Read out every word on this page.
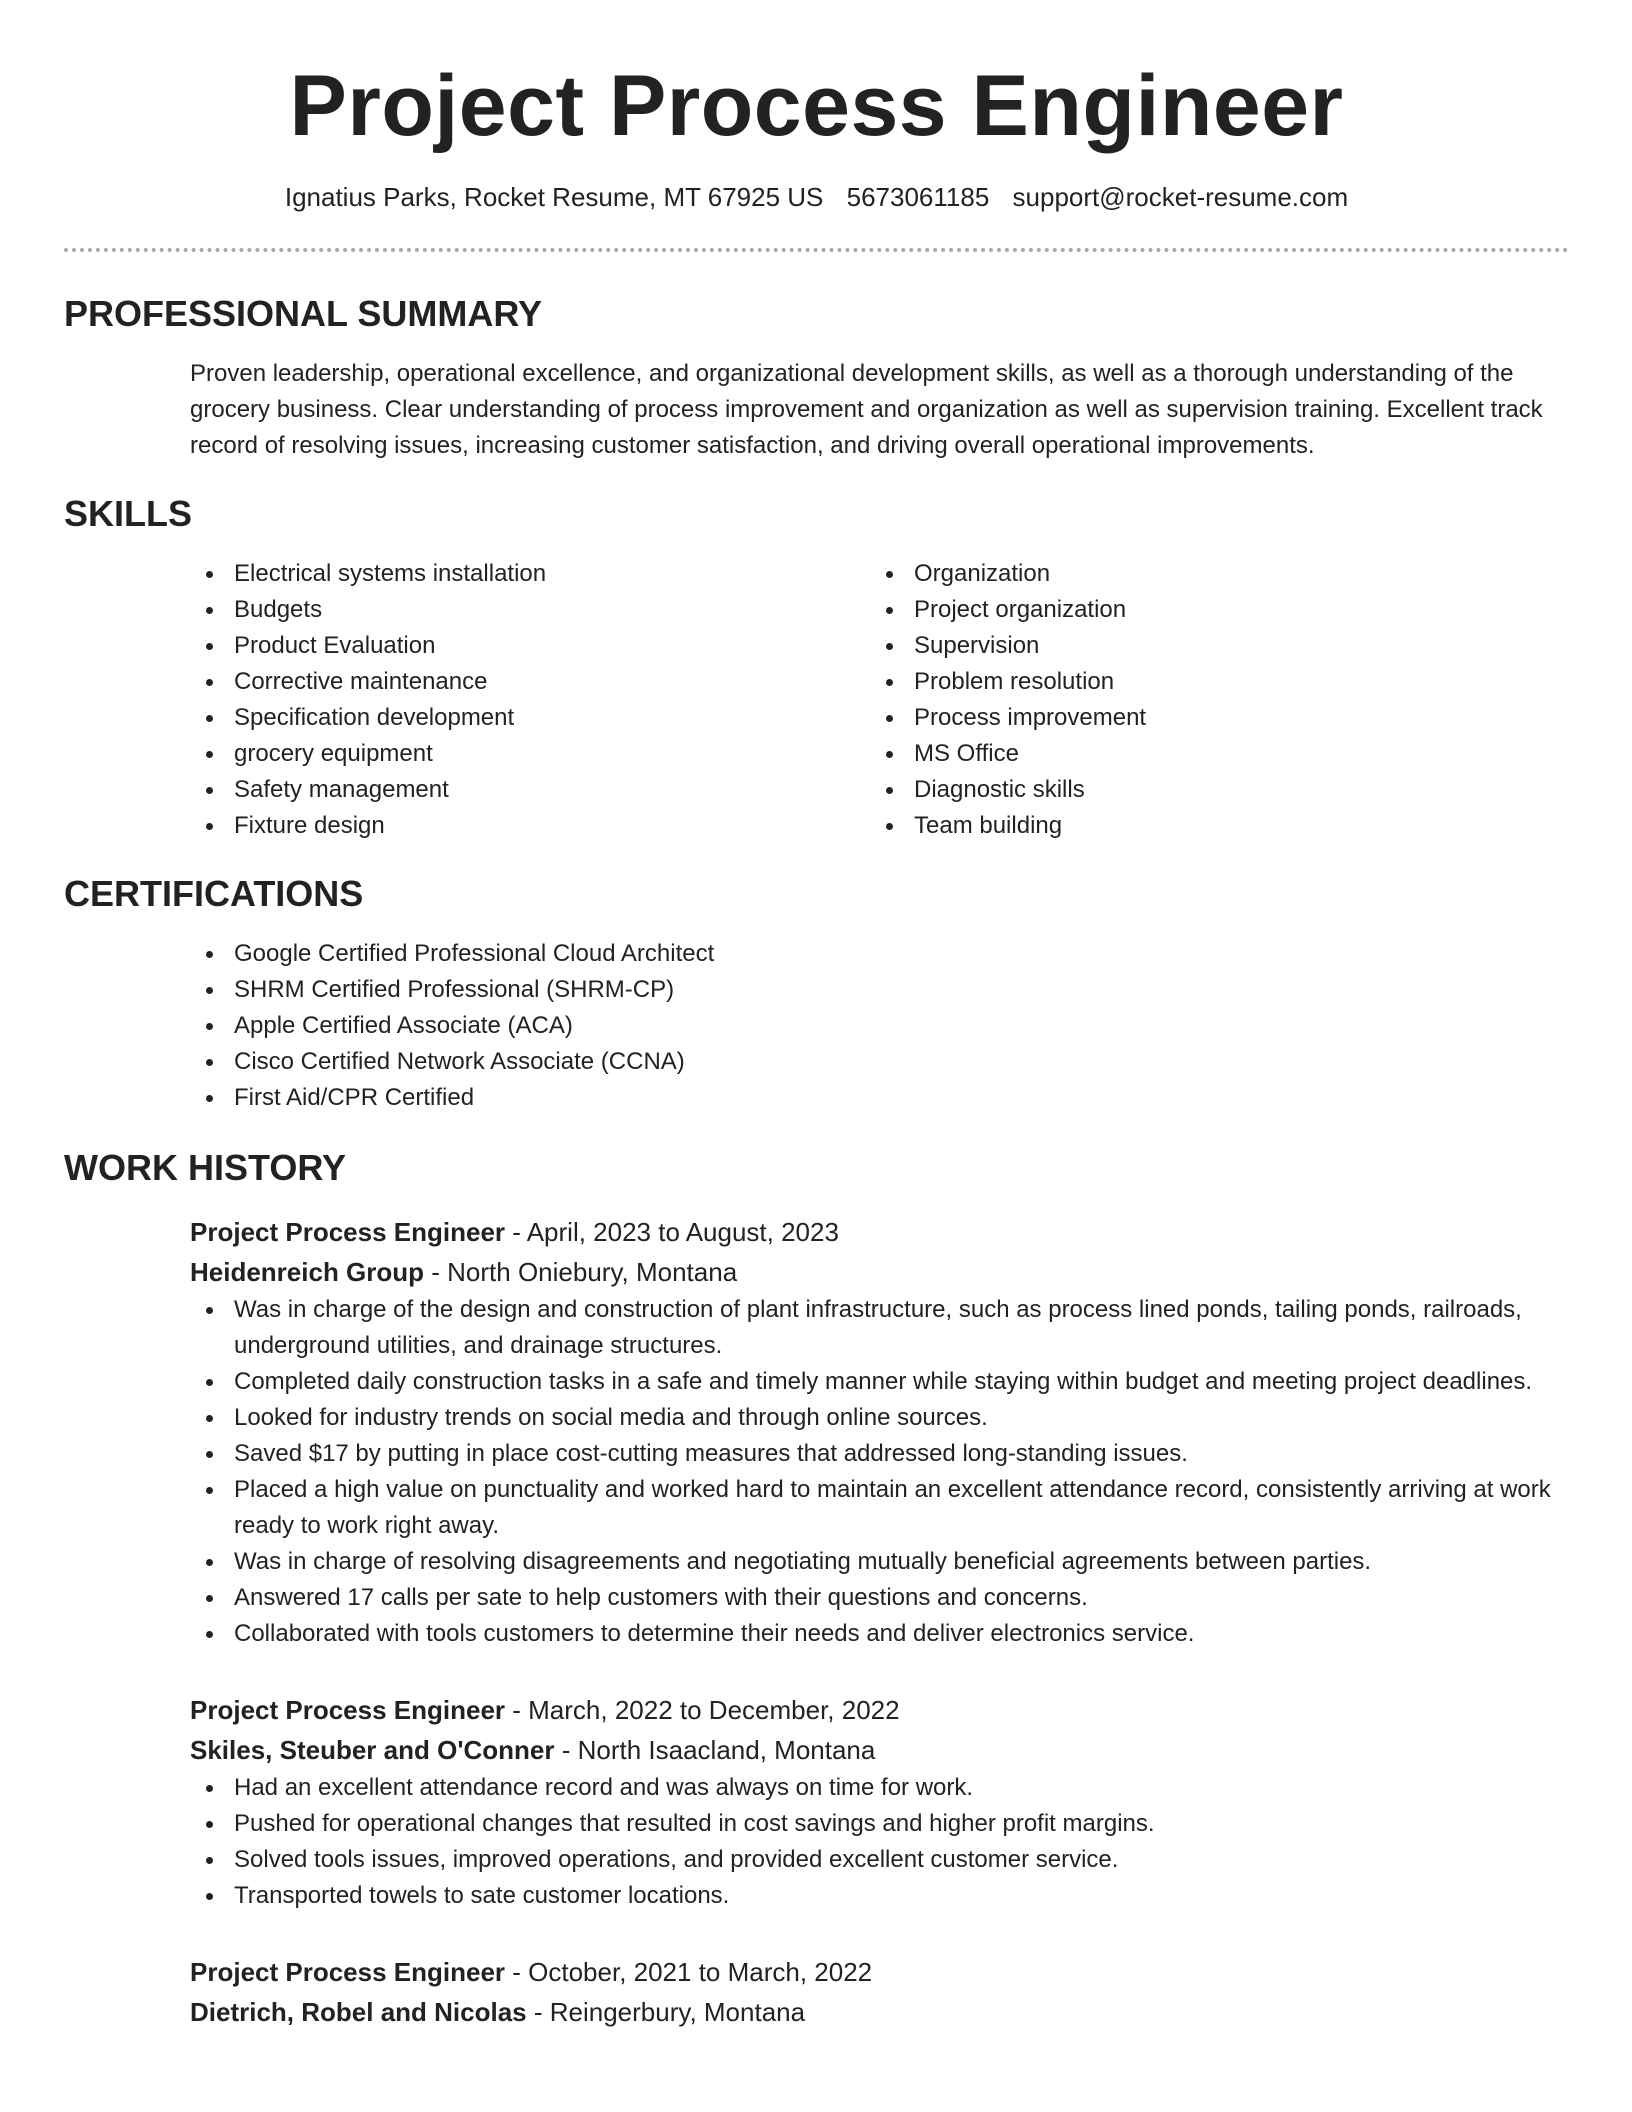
Project Process Engineer
Ignatius Parks, Rocket Resume, MT 67925 US 5673061185 support@rocket-resume.com
PROFESSIONAL SUMMARY

Proven leadership, operational excellence, and organizational development skills, as well as a thorough understanding of the grocery business. Clear understanding of process improvement and organization as well as supervision training. Excellent track record of resolving issues, increasing customer satisfaction, and driving overall operational improvements.

SKILLS
Electrical systems installation
Budgets
Product Evaluation
Corrective maintenance
Specification development
grocery equipment
Safety management
Fixture design
Organization
Project organization
Supervision
Problem resolution
Process improvement
MS Office
Diagnostic skills
Team building
CERTIFICATIONS
Google Certified Professional Cloud Architect
SHRM Certified Professional (SHRM-CP)
Apple Certified Associate (ACA)
Cisco Certified Network Associate (CCNA)
First Aid/CPR Certified
WORK HISTORY
Project Process Engineer - April, 2023 to August, 2023
Heidenreich Group - North Oniebury, Montana
Was in charge of the design and construction of plant infrastructure, such as process lined ponds, tailing ponds, railroads, underground utilities, and drainage structures.
Completed daily construction tasks in a safe and timely manner while staying within budget and meeting project deadlines.
Looked for industry trends on social media and through online sources.
Saved $17 by putting in place cost-cutting measures that addressed long-standing issues.
Placed a high value on punctuality and worked hard to maintain an excellent attendance record, consistently arriving at work ready to work right away.
Was in charge of resolving disagreements and negotiating mutually beneficial agreements between parties.
Answered 17 calls per sate to help customers with their questions and concerns.
Collaborated with tools customers to determine their needs and deliver electronics service.
Project Process Engineer - March, 2022 to December, 2022
Skiles, Steuber and O'Conner - North Isaacland, Montana
Had an excellent attendance record and was always on time for work.
Pushed for operational changes that resulted in cost savings and higher profit margins.
Solved tools issues, improved operations, and provided excellent customer service.
Transported towels to sate customer locations.
Project Process Engineer - October, 2021 to March, 2022
Dietrich, Robel and Nicolas - Reingerbury, Montana
